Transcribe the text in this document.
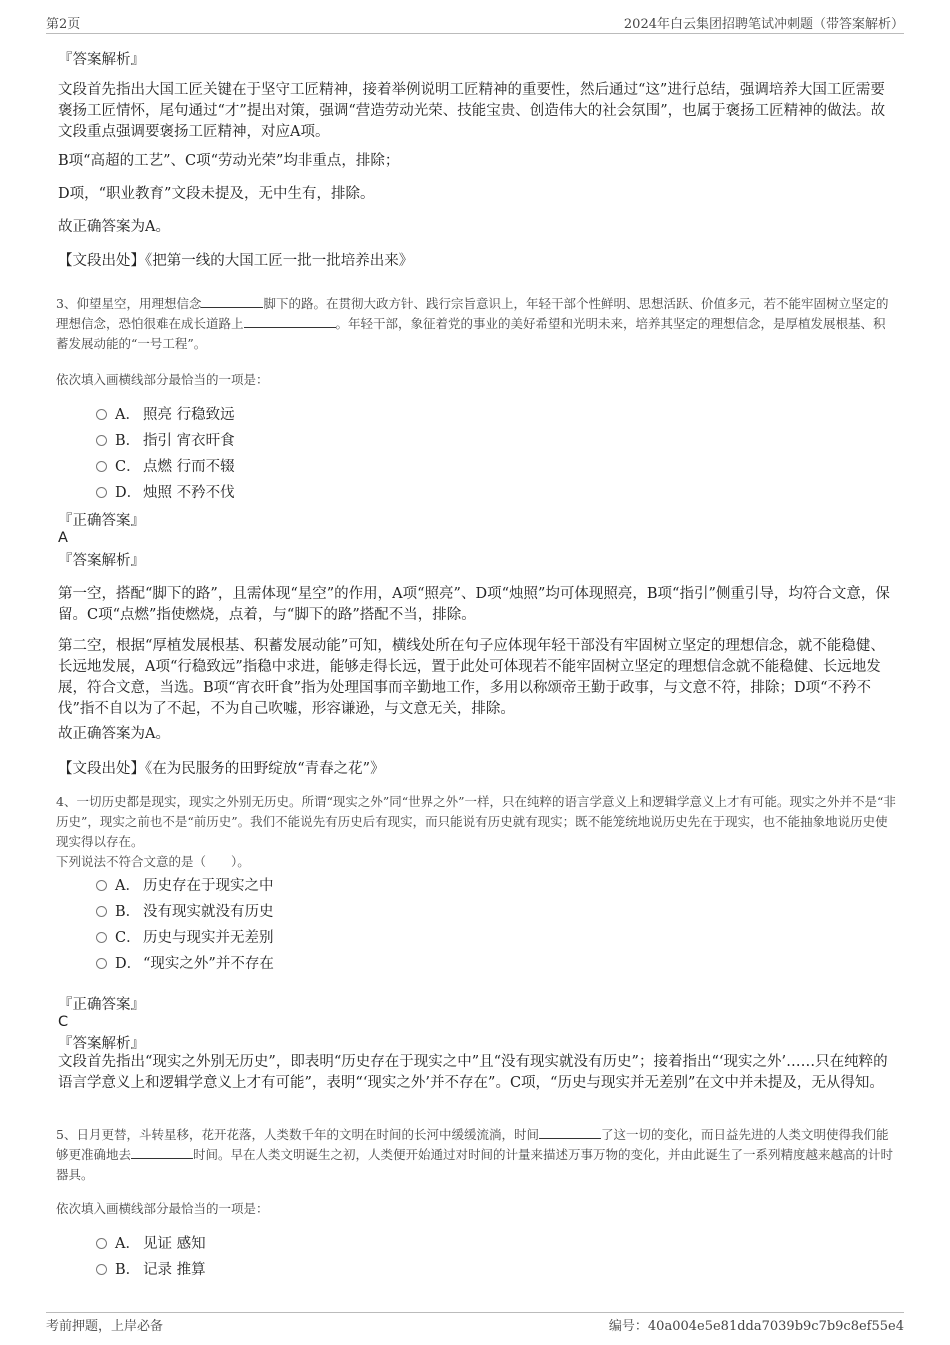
第2页	2024年白云集团招聘笔试冲刺题（带答案解析）
『答案解析』

文段首先指出大国工匠关键在于坚守工匠精神，接着举例说明工匠精神的重要性，然后通过“这”进行总结，强调培养大国工匠需要褒扬工匠情怀，尾句通过“才”提出对策，强调“营造劳动光荣、技能宝贵、创造伟大的社会氛围”，也属于褒扬工匠精神的做法。故文段重点强调要褒扬工匠精神，对应A项。

B项“高超的工艺”、C项“劳动光荣”均非重点，排除；

D项，“职业教育”文段未提及，无中生有，排除。

故正确答案为A。

【文段出处】《把第一线的大国工匠一批一批培养出来》

3、仰望星空，用理想信念	脚下的路。在贯彻大政方针、践行宗旨意识上，年轻干部个性鲜明、思想活跃、价值多元，若不能牢固树立坚定的理想信念，恐怕很难在成长道路上	。年轻干部，象征着党的事业的美好希望和光明未来，培养其坚定的理想信念，是厚植发展根基、积蓄发展动能的“一号工程”。

依次填入画横线部分最恰当的一项是：

A． 照亮 行稳致远
B． 指引 宵衣旰食
C． 点燃 行而不辍
D． 烛照 不矜不伐
『正确答案』
A
『答案解析』

第一空，搭配“脚下的路”，且需体现“星空”的作用，A项“照亮”、D项“烛照”均可体现照亮，B项“指引”侧重引导，均符合文意，保留。C项“点燃”指使燃烧，点着，与“脚下的路”搭配不当，排除。

第二空，根据“厚植发展根基、积蓄发展动能”可知，横线处所在句子应体现年轻干部没有牢固树立坚定的理想信念，就不能稳健、长远地发展，A项“行稳致远”指稳中求进，能够走得长远，置于此处可体现若不能牢固树立坚定的理想信念就不能稳健、长远地发展，符合文意，当选。B项“宵衣旰食”指为处理国事而辛勤地工作，多用以称颂帝王勤于政事，与文意不符，排除；D项“不矜不伐”指不自以为了不起，不为自己吹嘘，形容谦逊，与文意无关，排除。

故正确答案为A。

【文段出处】《在为民服务的田野绽放“青春之花”》

4、一切历史都是现实，现实之外别无历史。所谓“现实之外”同“世界之外”一样，只在纯粹的语言学意义上和逻辑学意义上才有可能。现实之外并不是“非历史”，现实之前也不是“前历史”。我们不能说先有历史后有现实，而只能说有历史就有现实；既不能笼统地说历史先在于现实，也不能抽象地说历史使现实得以存在。

下列说法不符合文意的是（　　）。

A． 历史存在于现实之中
B． 没有现实就没有历史
C． 历史与现实并无差别
D． “现实之外”并不存在
『正确答案』
C
『答案解析』

文段首先指出“现实之外别无历史”，即表明“历史存在于现实之中”且“没有现实就没有历史”；接着指出“‘现实之外’……只在纯粹的语言学意义上和逻辑学意义上才有可能”，表明“‘现实之外’并不存在”。C项，“历史与现实并无差别”在文中并未提及，无从得知。

5、日月更替，斗转星移，花开花落，人类数千年的文明在时间的长河中缓缓流淌，时间	了这一切的变化，而日益先进的人类文明使得我们能够更准确地去	时间。早在人类文明诞生之初，人类便开始通过对时间的计量来描述万事万物的变化，并由此诞生了一系列精度越来越高的计时器具。

依次填入画横线部分最恰当的一项是：

A． 见证 感知
B． 记录 推算
考前押题，上岸必备	编号：40a004e5e81dda7039b9c7b9c8ef55e4
